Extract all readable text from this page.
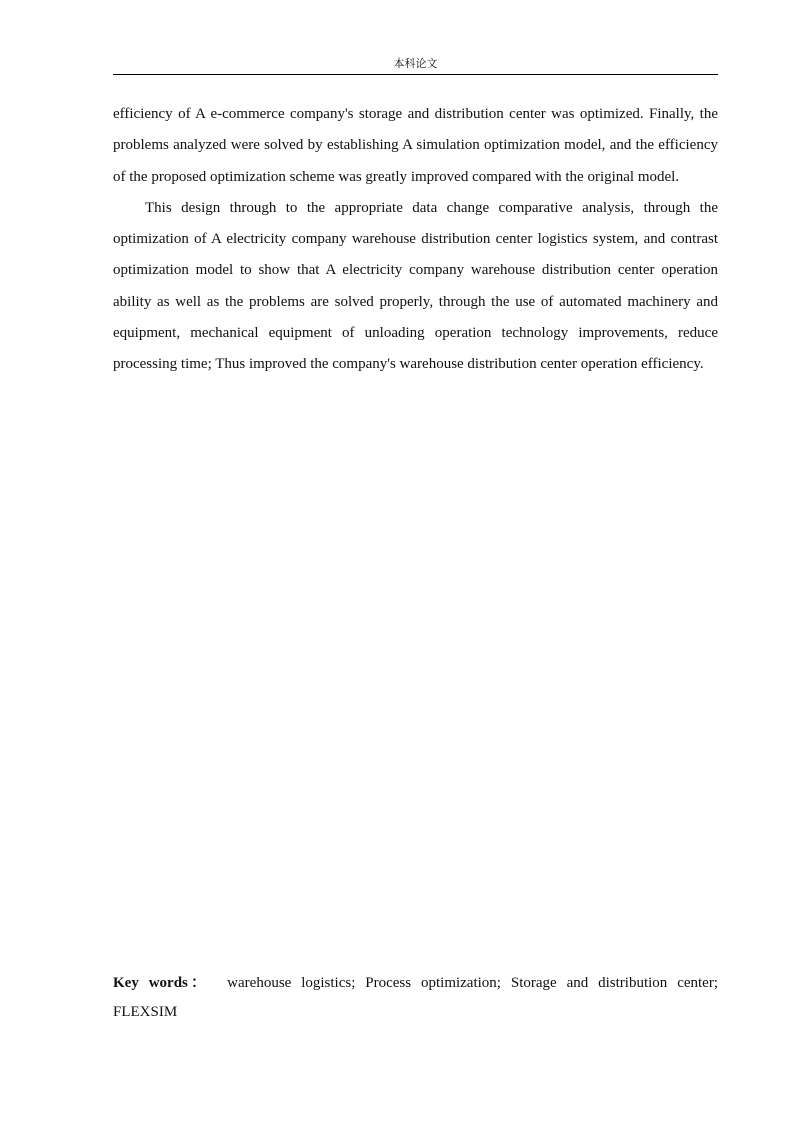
本科论文

efficiency of A e-commerce company's storage and distribution center was optimized. Finally, the problems analyzed were solved by establishing A simulation optimization model, and the efficiency of the proposed optimization scheme was greatly improved compared with the original model.

This design through to the appropriate data change comparative analysis, through the optimization of A electricity company warehouse distribution center logistics system, and contrast optimization model to show that A electricity company warehouse distribution center operation ability as well as the problems are solved properly, through the use of automated machinery and equipment, mechanical equipment of unloading operation technology improvements, reduce processing time; Thus improved the company's warehouse distribution center operation efficiency.

Key words： warehouse logistics; Process optimization; Storage and distribution center; FLEXSIM
